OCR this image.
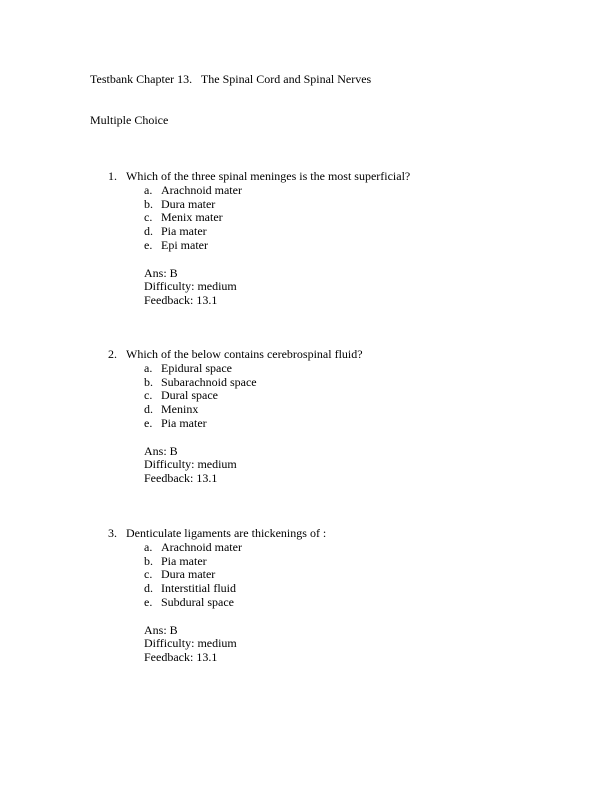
Testbank Chapter 13.   The Spinal Cord and Spinal Nerves
Multiple Choice
1. Which of the three spinal meninges is the most superficial?
a. Arachnoid mater
b. Dura mater
c. Menix mater
d. Pia mater
e. Epi mater
Ans: B
Difficulty: medium
Feedback: 13.1
2. Which of the below contains cerebrospinal fluid?
a. Epidural space
b. Subarachnoid space
c. Dural space
d. Meninx
e. Pia mater
Ans: B
Difficulty: medium
Feedback: 13.1
3. Denticulate ligaments are thickenings of :
a. Arachnoid mater
b. Pia mater
c. Dura mater
d. Interstitial fluid
e. Subdural space
Ans: B
Difficulty: medium
Feedback: 13.1
